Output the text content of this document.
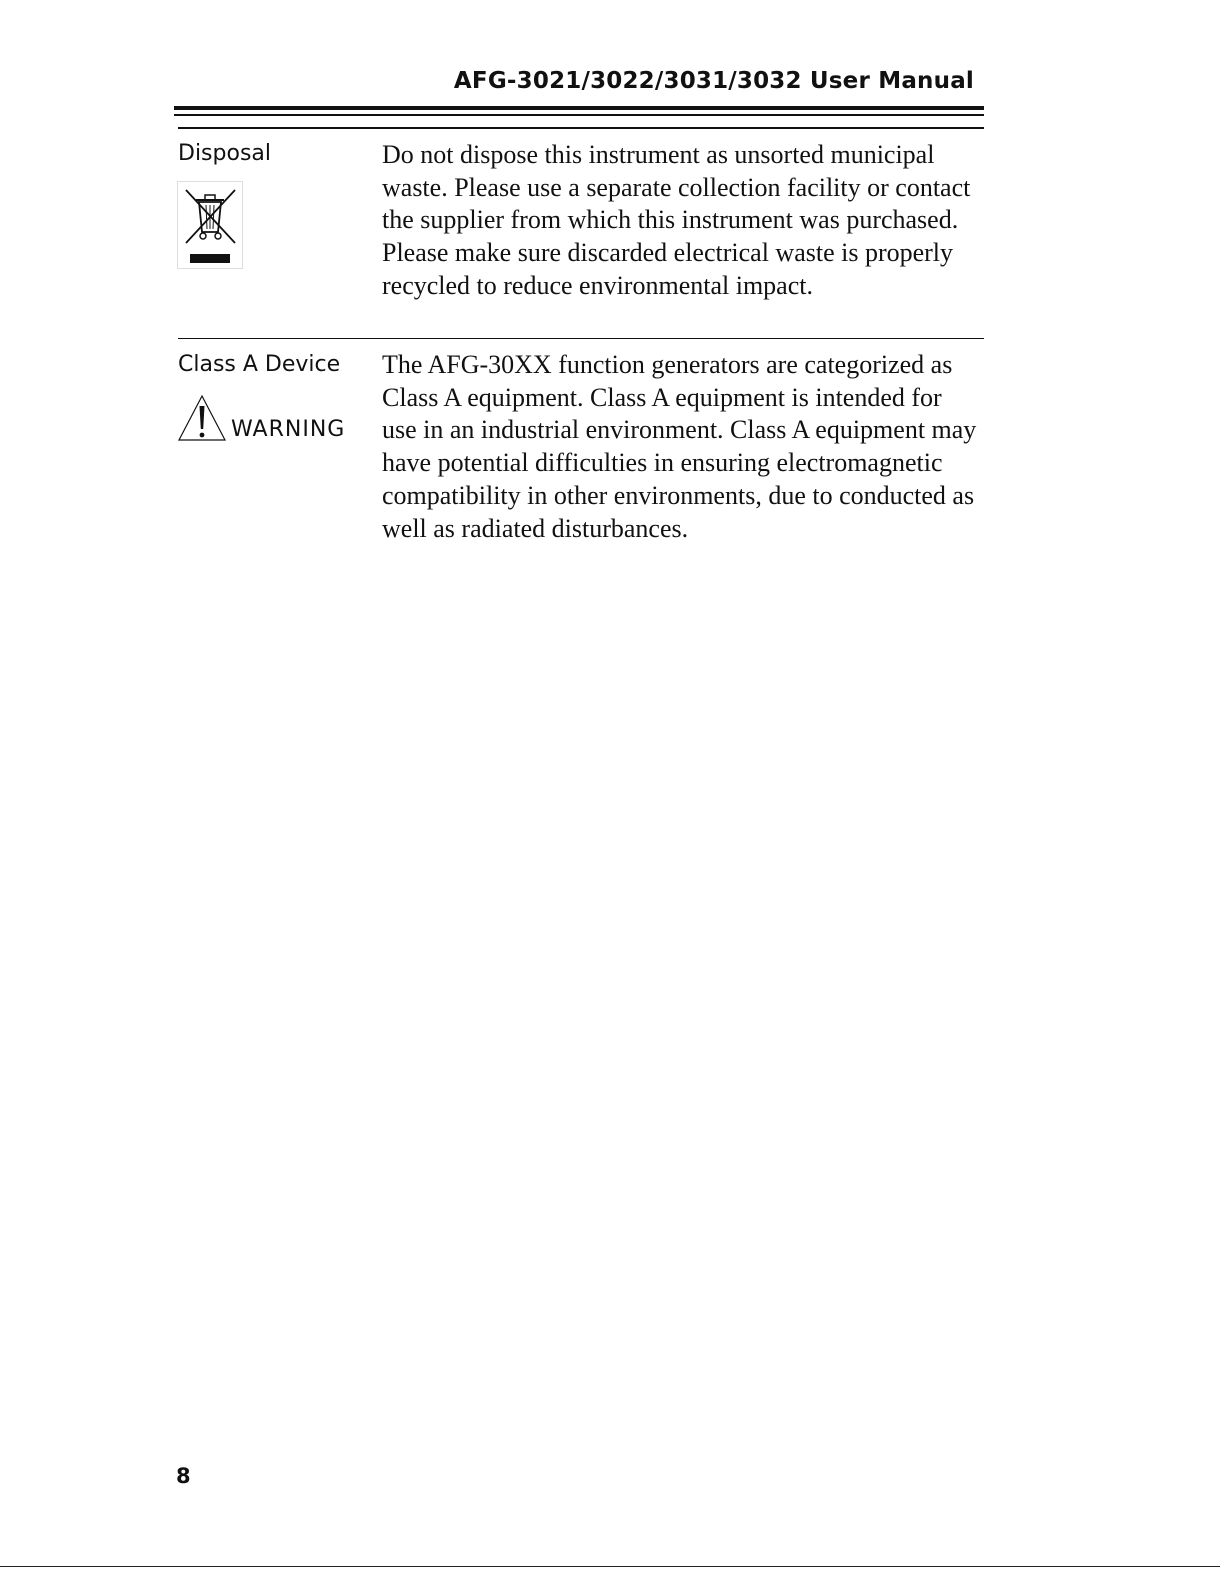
AFG-3021/3022/3031/3032 User Manual
Disposal	Do not dispose this instrument as unsorted municipal waste. Please use a separate collection facility or contact the supplier from which this instrument was purchased. Please make sure discarded electrical waste is properly recycled to reduce environmental impact.
Class A Device
WARNING
The AFG-30XX function generators are categorized as Class A equipment. Class A equipment is intended for use in an industrial environment. Class A equipment may have potential difficulties in ensuring electromagnetic compatibility in other environments, due to conducted as well as radiated disturbances.
8
